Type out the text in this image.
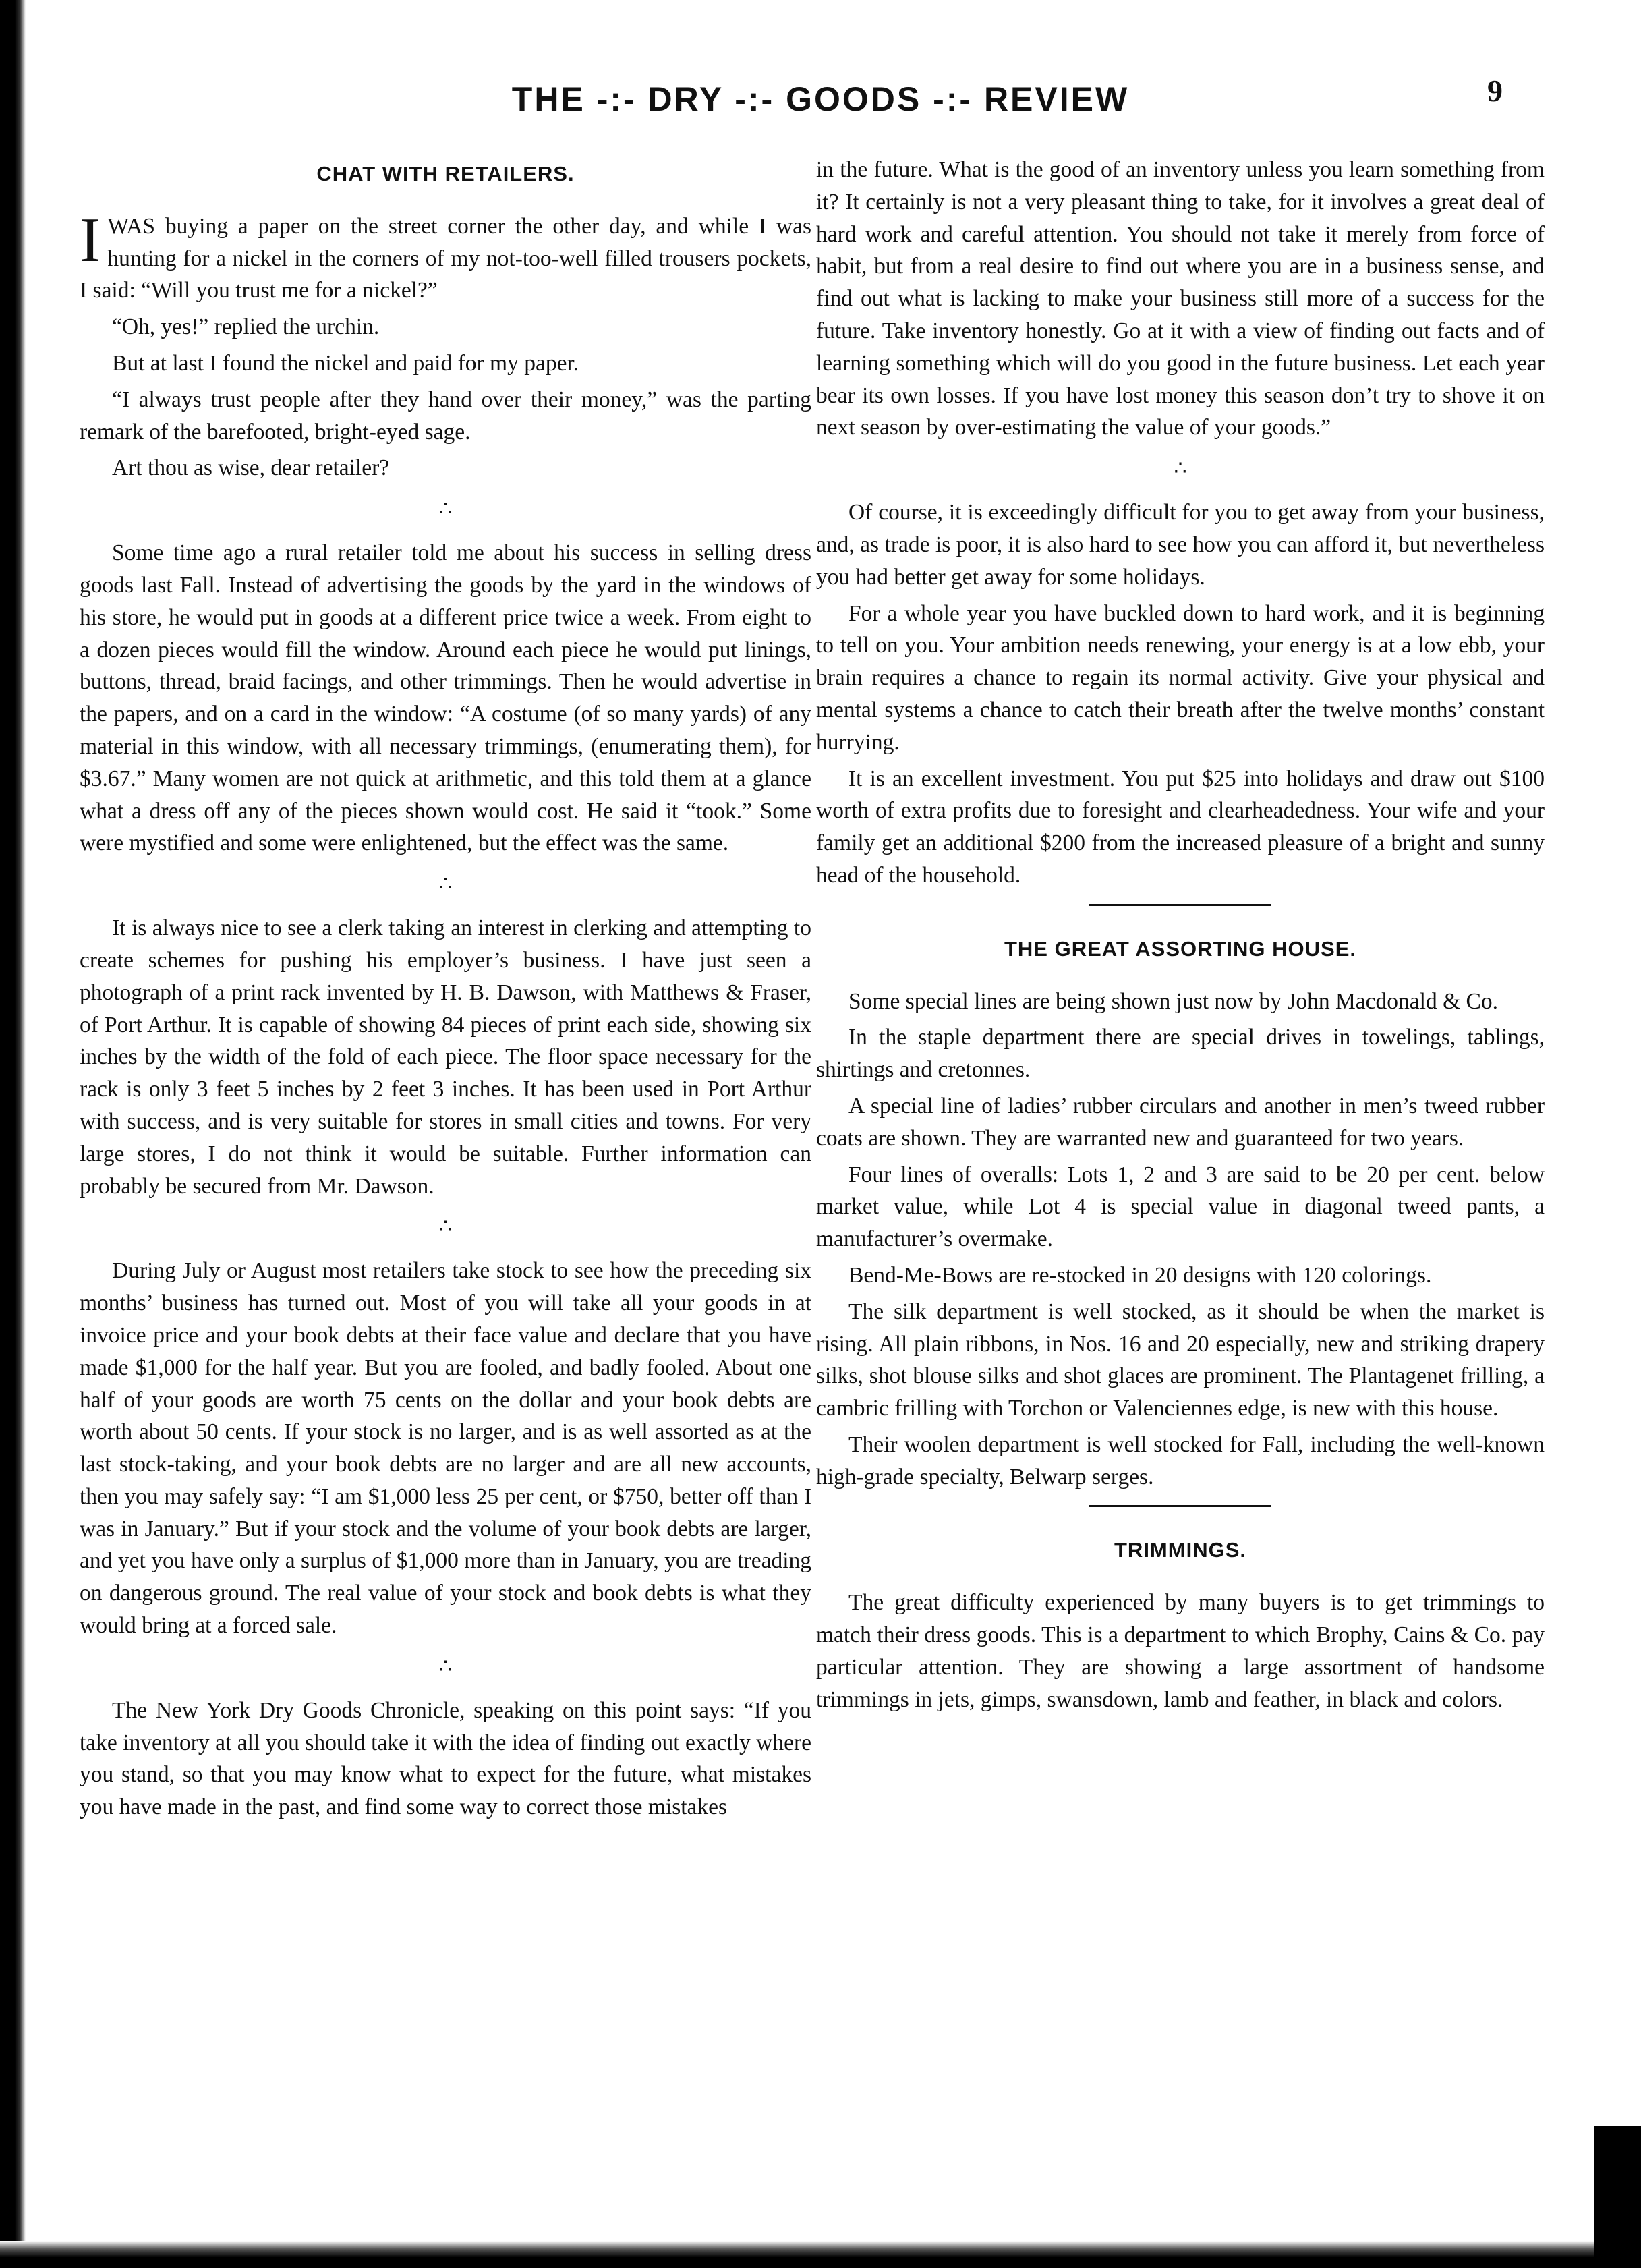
THE -:- DRY -:- GOODS -:- REVIEW	9
CHAT WITH RETAILERS.

IWAS buying a paper on the street corner the other day, and while I was hunting for a nickel in the corners of my not-too-well filled trousers pockets, I said: “Will you trust me for a nickel?”

“Oh, yes!” replied the urchin.

But at last I found the nickel and paid for my paper.

“I always trust people after they hand over their money,” was the parting remark of the barefooted, bright-eyed sage.

Art thou as wise, dear retailer?

∴

Some time ago a rural retailer told me about his success in selling dress goods last Fall. Instead of advertising the goods by the yard in the windows of his store, he would put in goods at a different price twice a week. From eight to a dozen pieces would fill the window. Around each piece he would put linings, buttons, thread, braid facings, and other trimmings. Then he would advertise in the papers, and on a card in the window: “A costume (of so many yards) of any material in this window, with all necessary trimmings, (enumerating them), for $3.67.” Many women are not quick at arithmetic, and this told them at a glance what a dress off any of the pieces shown would cost. He said it “took.” Some were mystified and some were enlightened, but the effect was the same.

∴

It is always nice to see a clerk taking an interest in clerking and attempting to create schemes for pushing his employer’s business. I have just seen a photograph of a print rack invented by H. B. Dawson, with Matthews & Fraser, of Port Arthur. It is capable of showing 84 pieces of print each side, showing six inches by the width of the fold of each piece. The floor space necessary for the rack is only 3 feet 5 inches by 2 feet 3 inches. It has been used in Port Arthur with success, and is very suitable for stores in small cities and towns. For very large stores, I do not think it would be suitable. Further information can probably be secured from Mr. Dawson.

∴

During July or August most retailers take stock to see how the preceding six months’ business has turned out. Most of you will take all your goods in at invoice price and your book debts at their face value and declare that you have made $1,000 for the half year. But you are fooled, and badly fooled. About one half of your goods are worth 75 cents on the dollar and your book debts are worth about 50 cents. If your stock is no larger, and is as well assorted as at the last stock-taking, and your book debts are no larger and are all new accounts, then you may safely say: “I am $1,000 less 25 per cent, or $750, better off than I was in January.” But if your stock and the volume of your book debts are larger, and yet you have only a surplus of $1,000 more than in January, you are treading on dangerous ground. The real value of your stock and book debts is what they would bring at a forced sale.

∴

The New York Dry Goods Chronicle, speaking on this point says: “If you take inventory at all you should take it with the idea of finding out exactly where you stand, so that you may know what to expect for the future, what mistakes you have made in the past, and find some way to correct those mistakes

in the future. What is the good of an inventory unless you learn something from it? It certainly is not a very pleasant thing to take, for it involves a great deal of hard work and careful attention. You should not take it merely from force of habit, but from a real desire to find out where you are in a business sense, and find out what is lacking to make your business still more of a success for the future. Take inventory honestly. Go at it with a view of finding out facts and of learning something which will do you good in the future business. Let each year bear its own losses. If you have lost money this season don’t try to shove it on next season by over-estimating the value of your goods.”

∴

Of course, it is exceedingly difficult for you to get away from your business, and, as trade is poor, it is also hard to see how you can afford it, but nevertheless you had better get away for some holidays.

For a whole year you have buckled down to hard work, and it is beginning to tell on you. Your ambition needs renewing, your energy is at a low ebb, your brain requires a chance to regain its normal activity. Give your physical and mental systems a chance to catch their breath after the twelve months’ constant hurrying.

It is an excellent investment. You put $25 into holidays and draw out $100 worth of extra profits due to foresight and clearheadedness. Your wife and your family get an additional $200 from the increased pleasure of a bright and sunny head of the household.

THE GREAT ASSORTING HOUSE.

Some special lines are being shown just now by John Macdonald & Co.

In the staple department there are special drives in towelings, tablings, shirtings and cretonnes.

A special line of ladies’ rubber circulars and another in men’s tweed rubber coats are shown. They are warranted new and guaranteed for two years.

Four lines of overalls: Lots 1, 2 and 3 are said to be 20 per cent. below market value, while Lot 4 is special value in diagonal tweed pants, a manufacturer’s overmake.

Bend-Me-Bows are re-stocked in 20 designs with 120 colorings.

The silk department is well stocked, as it should be when the market is rising. All plain ribbons, in Nos. 16 and 20 especially, new and striking drapery silks, shot blouse silks and shot glaces are prominent. The Plantagenet frilling, a cambric frilling with Torchon or Valenciennes edge, is new with this house.

Their woolen department is well stocked for Fall, including the well-known high-grade specialty, Belwarp serges.

TRIMMINGS.

The great difficulty experienced by many buyers is to get trimmings to match their dress goods. This is a department to which Brophy, Cains & Co. pay particular attention. They are showing a large assortment of handsome trimmings in jets, gimps, swansdown, lamb and feather, in black and colors.
